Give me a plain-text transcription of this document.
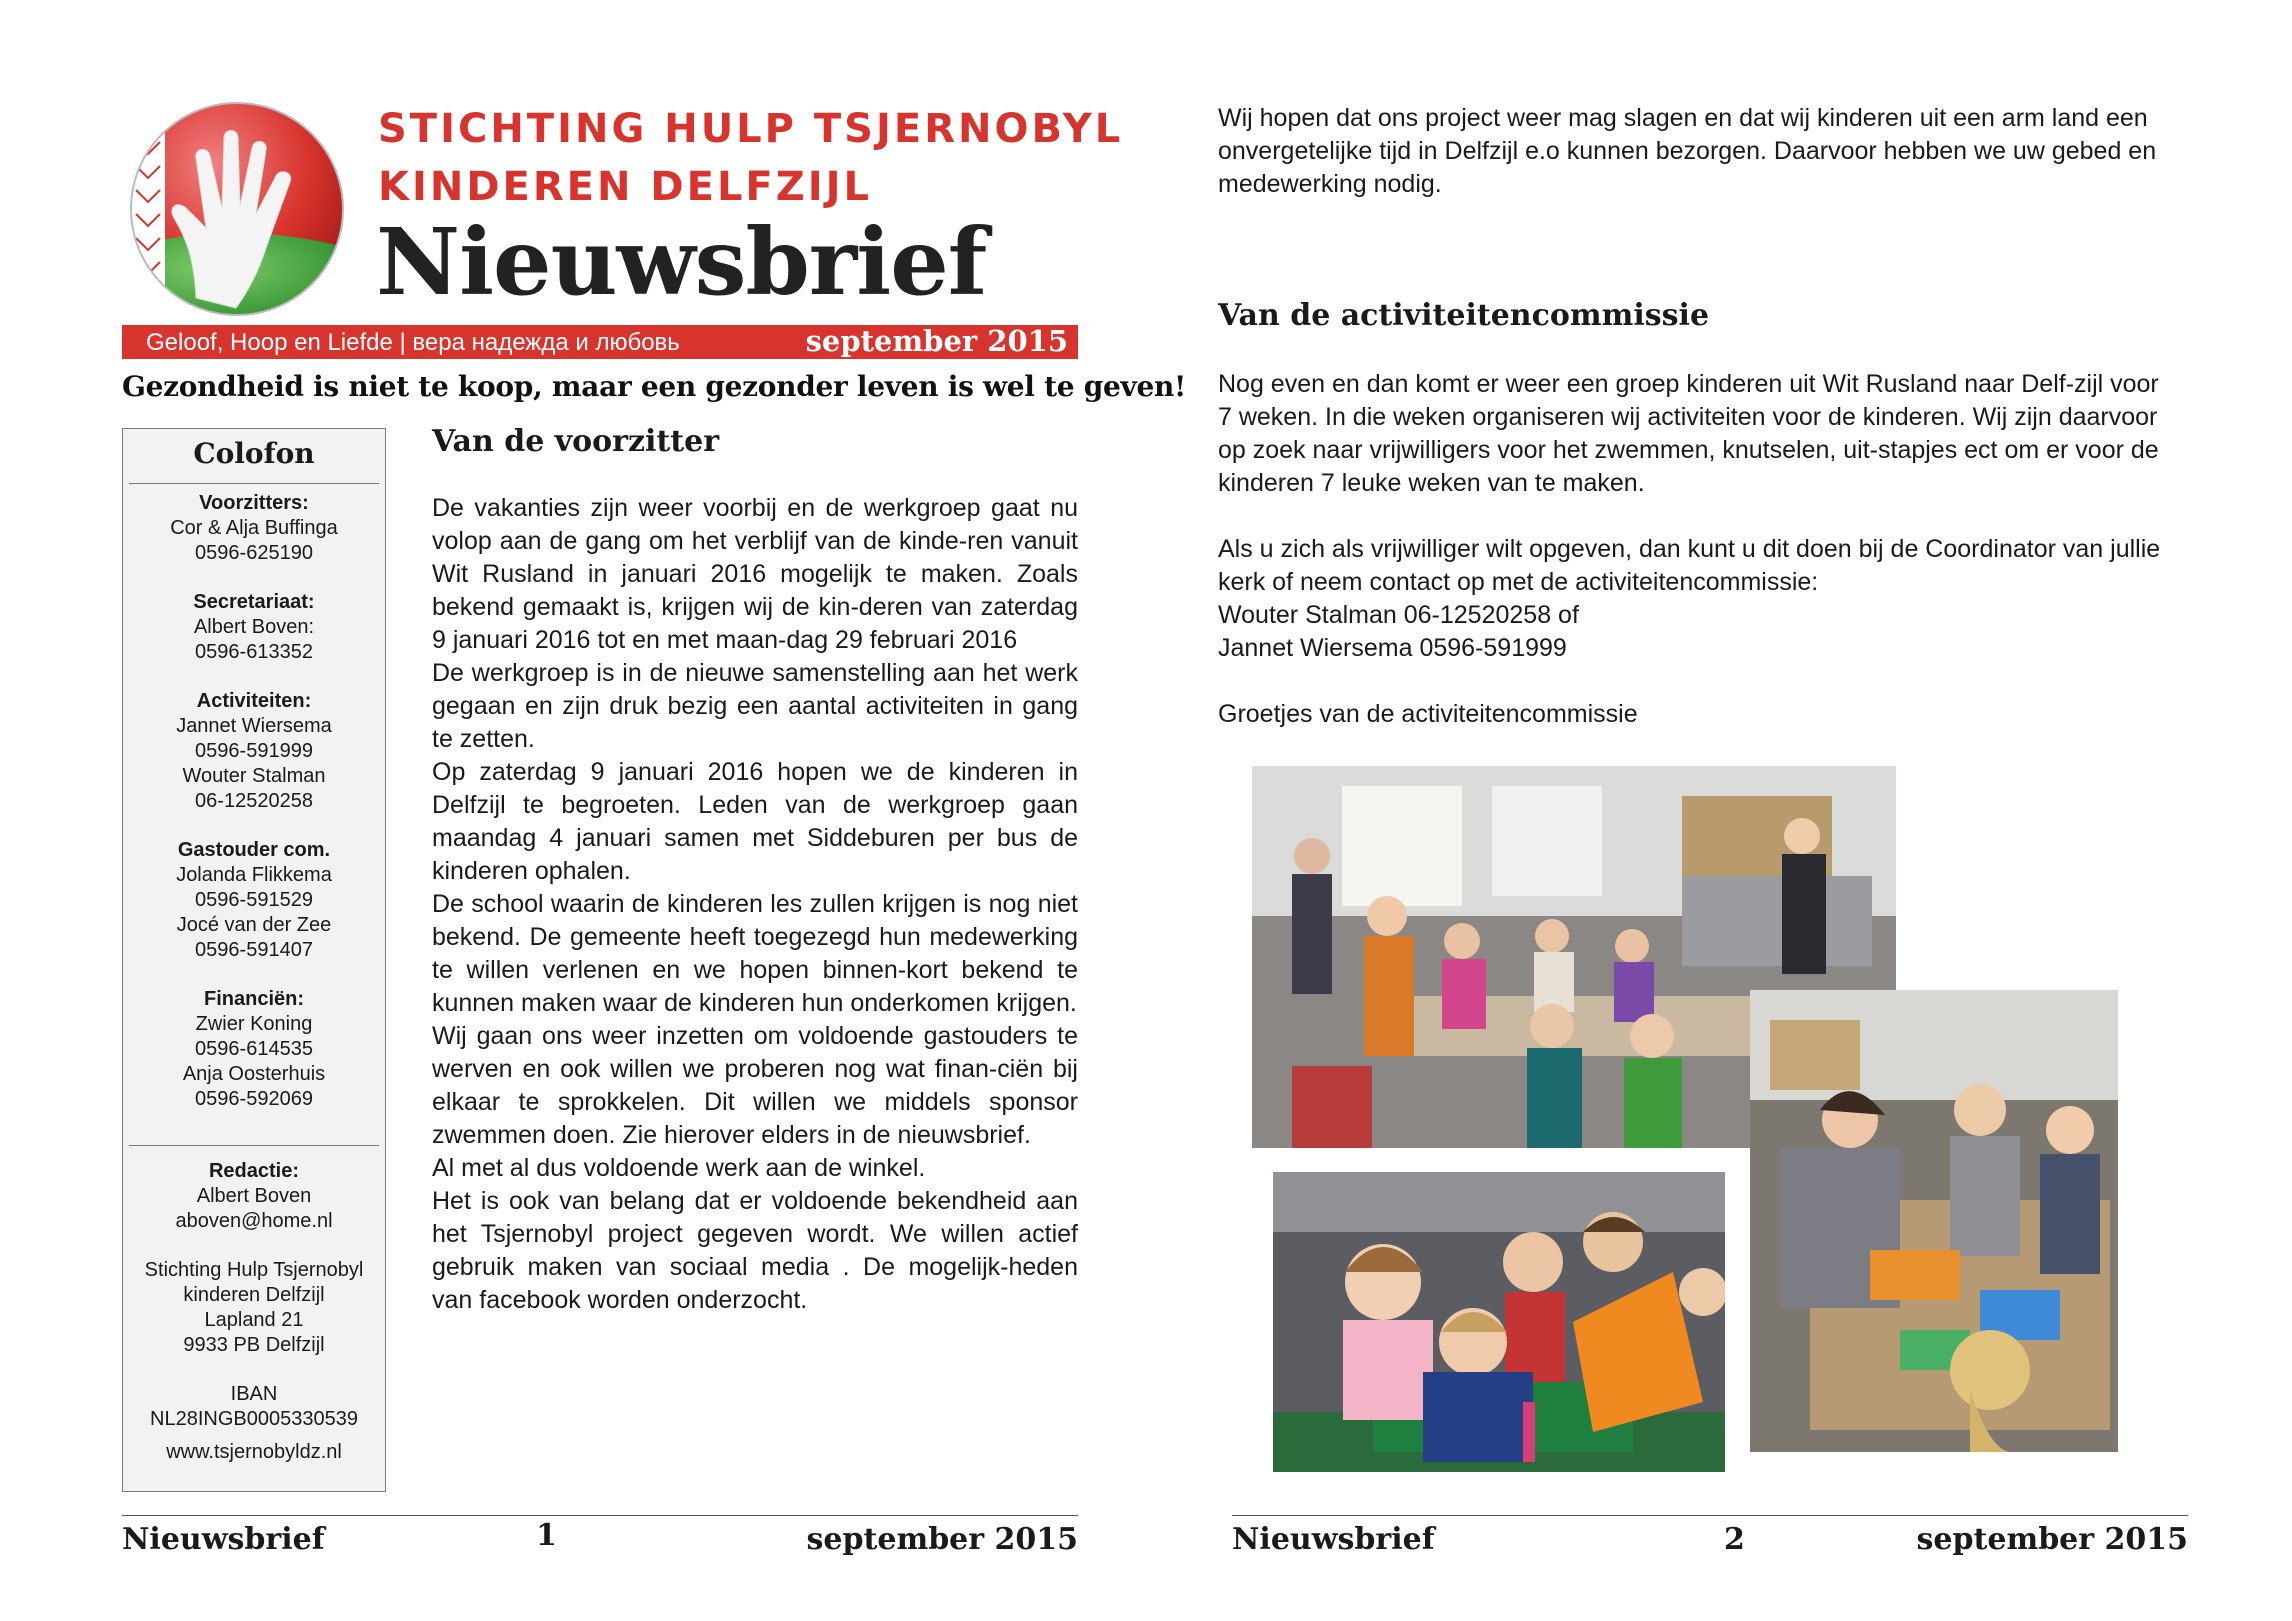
STICHTING HULP TSJERNOBYL
KINDEREN DELFZIJL
Nieuwsbrief
Geloof, Hoop en Liefde | вера надежда и любовь	september 2015
Gezondheid is niet te koop, maar een gezonder leven is wel te geven!
Colofon
Voorzitters:
Cor & Alja Buffinga
0596-625190
Secretariaat:
Albert Boven:
0596-613352
Activiteiten:
Jannet Wiersema
0596-591999
Wouter Stalman
06-12520258
Gastouder com.
Jolanda Flikkema
0596-591529
Jocé van der Zee
0596-591407
Financiën:
Zwier Koning
0596-614535
Anja Oosterhuis
0596-592069
Redactie:
Albert Boven
aboven@home.nl
Stichting Hulp Tsjernobyl
kinderen Delfzijl
Lapland 21
9933 PB Delfzijl
IBAN
NL28INGB0005330539
www.tsjernobyldz.nl
Van de voorzitter

De vakanties zijn weer voorbij en de werkgroep gaat nu volop aan de gang om het verblijf van de kinde-ren vanuit Wit Rusland in januari 2016 mogelijk te maken. Zoals bekend gemaakt is, krijgen wij de kin-deren van zaterdag 9 januari 2016 tot en met maan-dag 29 februari 2016

De werkgroep is in de nieuwe samenstelling aan het werk gegaan en zijn druk bezig een aantal activiteiten in gang te zetten.

Op zaterdag 9 januari 2016 hopen we de kinderen in Delfzijl te begroeten. Leden van de werkgroep gaan maandag 4 januari samen met Siddeburen per bus de kinderen ophalen.

De school waarin de kinderen les zullen krijgen is nog niet bekend. De gemeente heeft toegezegd hun medewerking te willen verlenen en we hopen binnen-kort bekend te kunnen maken waar de kinderen hun onderkomen krijgen.

Wij gaan ons weer inzetten om voldoende gastouders te werven en ook willen we proberen nog wat finan-ciën bij elkaar te sprokkelen. Dit willen we middels sponsor zwemmen doen. Zie hierover elders in de nieuwsbrief.

Al met al dus voldoende werk aan de winkel.

Het is ook van belang dat er voldoende bekendheid aan het Tsjernobyl project gegeven wordt. We willen actief gebruik maken van sociaal media . De mogelijk-heden van facebook worden onderzocht.

Nieuwsbrief	1	september 2015
Wij hopen dat ons project weer mag slagen en dat wij kinderen uit een arm land een onvergetelijke tijd in Delfzijl e.o kunnen bezorgen. Daarvoor hebben we uw gebed en medewerking nodig.
Van de activiteitencommissie

Nog even en dan komt er weer een groep kinderen uit Wit Rusland naar Delf-zijl voor 7 weken. In die weken organiseren wij activiteiten voor de kinderen. Wij zijn daarvoor op zoek naar vrijwilligers voor het zwemmen, knutselen, uit-stapjes ect om er voor de kinderen 7 leuke weken van te maken.

Als u zich als vrijwilliger wilt opgeven, dan kunt u dit doen bij de Coordinator van jullie kerk of neem contact op met de activiteitencommissie:

Wouter Stalman 06-12520258 of
Jannet Wiersema 0596-591999

Groetjes van de activiteitencommissie

Nieuwsbrief	2	september 2015
